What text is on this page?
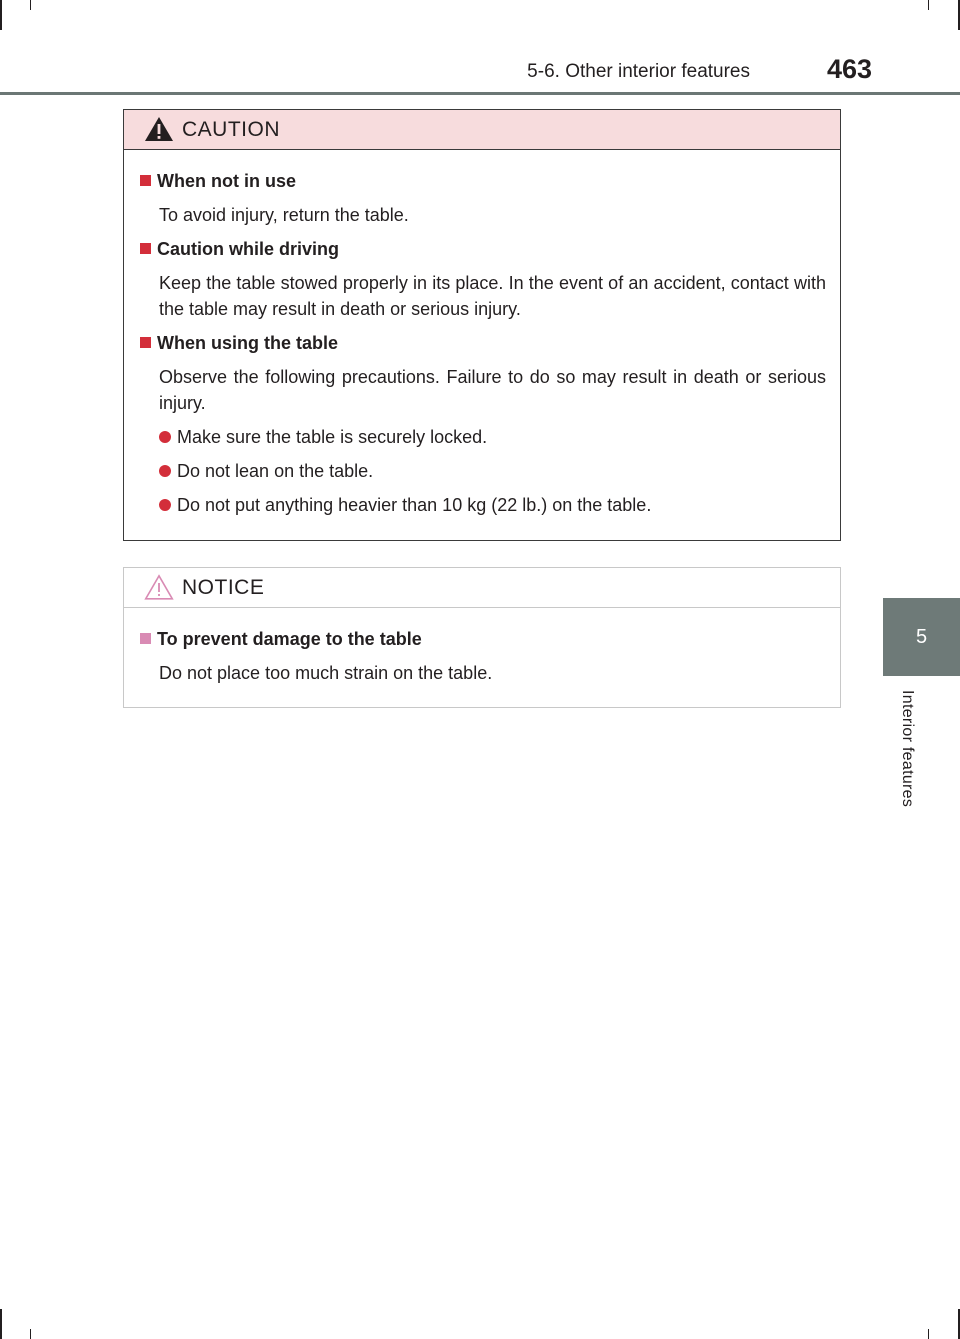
5-6. Other interior features	463
5
Interior features
CAUTION
When not in use
To avoid injury, return the table.
Caution while driving
Keep the table stowed properly in its place. In the event of an accident, contact with the table may result in death or serious injury.
When using the table
Observe the following precautions. Failure to do so may result in death or serious injury.
Make sure the table is securely locked.
Do not lean on the table.
Do not put anything heavier than 10 kg (22 lb.) on the table.
NOTICE
To prevent damage to the table
Do not place too much strain on the table.
